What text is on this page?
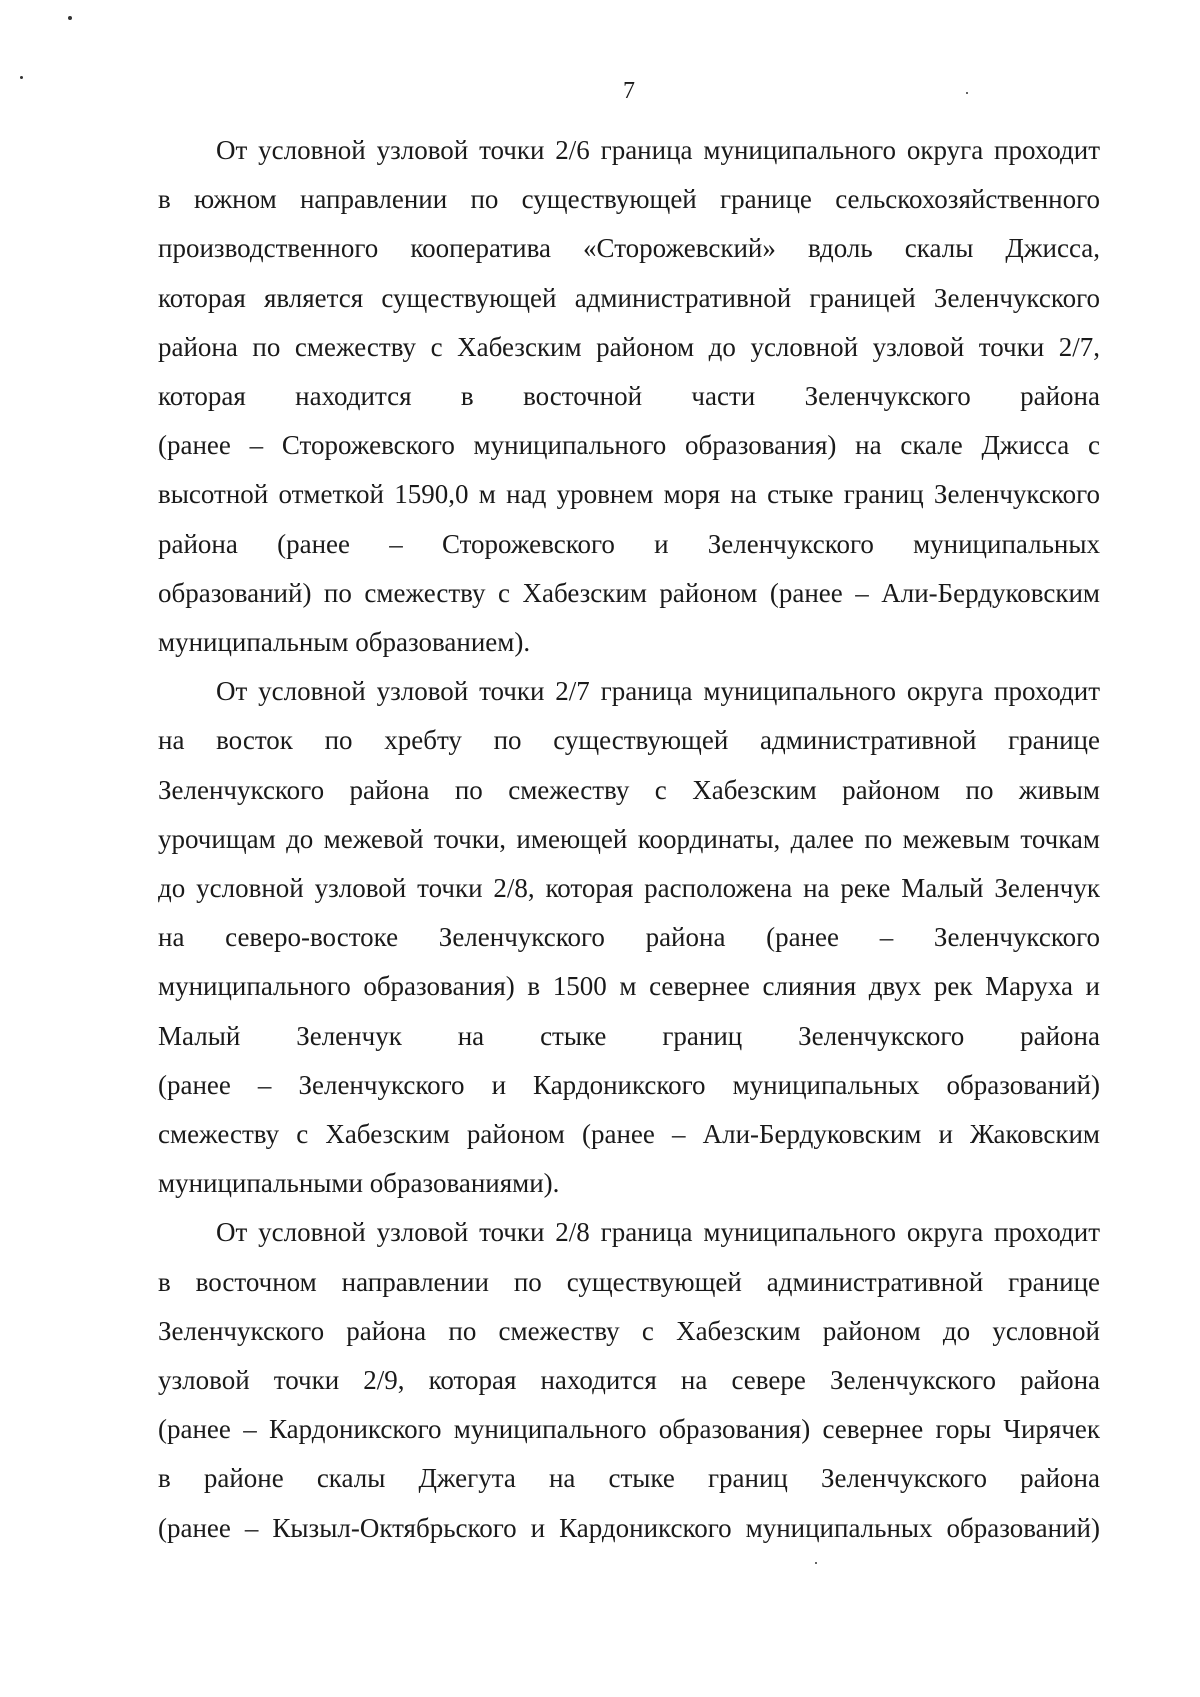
7
От условной узловой точки 2/6 граница муниципального округа проходит
в южном направлении по существующей границе сельскохозяйственного
производственного кооператива «Сторожевский» вдоль скалы Джисса,
которая является существующей административной границей Зеленчукского
района по смежеству с Хабезским районом до условной узловой точки 2/7,
которая находится в восточной части Зеленчукского района
(ранее – Сторожевского муниципального образования) на скале Джисса с
высотной отметкой 1590,0 м над уровнем моря на стыке границ Зеленчукского
района (ранее – Сторожевского и Зеленчукского муниципальных
образований) по смежеству с Хабезским районом (ранее – Али-Бердуковским
муниципальным образованием).
От условной узловой точки 2/7 граница муниципального округа проходит
на восток по хребту по существующей административной границе
Зеленчукского района по смежеству с Хабезским районом по живым
урочищам до межевой точки, имеющей координаты, далее по межевым точкам
до условной узловой точки 2/8, которая расположена на реке Малый Зеленчук
на северо-востоке Зеленчукского района (ранее – Зеленчукского
муниципального образования) в 1500 м севернее слияния двух рек Маруха и
Малый Зеленчук на стыке границ Зеленчукского района
(ранее – Зеленчукского и Кардоникского муниципальных образований)
смежеству с Хабезским районом (ранее – Али-Бердуковским и Жаковским
муниципальными образованиями).
От условной узловой точки 2/8 граница муниципального округа проходит
в восточном направлении по существующей административной границе
Зеленчукского района по смежеству с Хабезским районом до условной
узловой точки 2/9, которая находится на севере Зеленчукского района
(ранее – Кардоникского муниципального образования) севернее горы Чирячек
в районе скалы Джегута на стыке границ Зеленчукского района
(ранее – Кызыл-Октябрьского и Кардоникского муниципальных образований)
